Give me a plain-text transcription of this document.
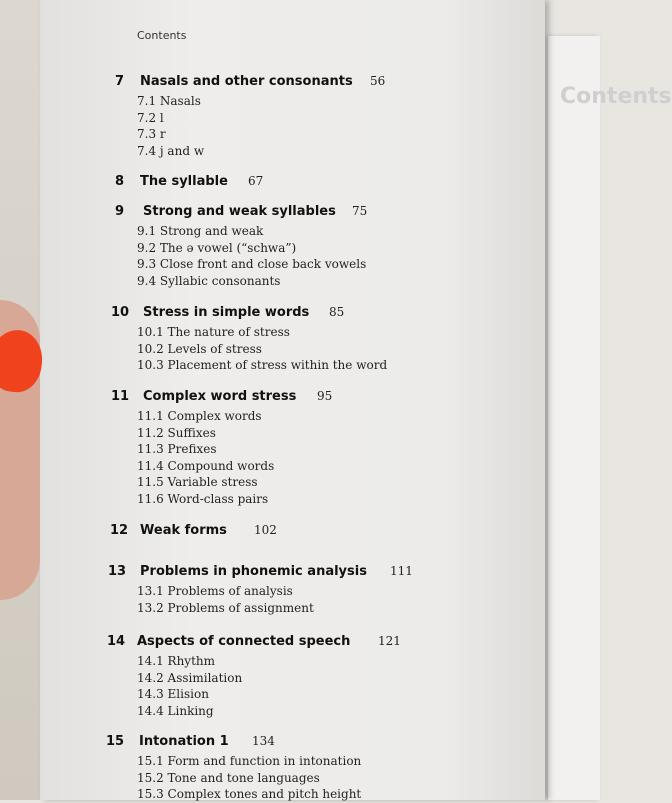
Contents
Contents
7 Nasals and other consonants 56
7.1 Nasals
7.2 l
7.3 r
7.4 j and w
8 The syllable 67
9 Strong and weak syllables 75
9.1 Strong and weak
9.2 The ə vowel (“schwa”)
9.3 Close front and close back vowels
9.4 Syllabic consonants
10 Stress in simple words 85
10.1 The nature of stress
10.2 Levels of stress
10.3 Placement of stress within the word
11 Complex word stress 95
11.1 Complex words
11.2 Suffixes
11.3 Prefixes
11.4 Compound words
11.5 Variable stress
11.6 Word-class pairs
12 Weak forms 102
13 Problems in phonemic analysis 111
13.1 Problems of analysis
13.2 Problems of assignment
14 Aspects of connected speech 121
14.1 Rhythm
14.2 Assimilation
14.3 Elision
14.4 Linking
15 Intonation 1 134
15.1 Form and function in intonation
15.2 Tone and tone languages
15.3 Complex tones and pitch height
